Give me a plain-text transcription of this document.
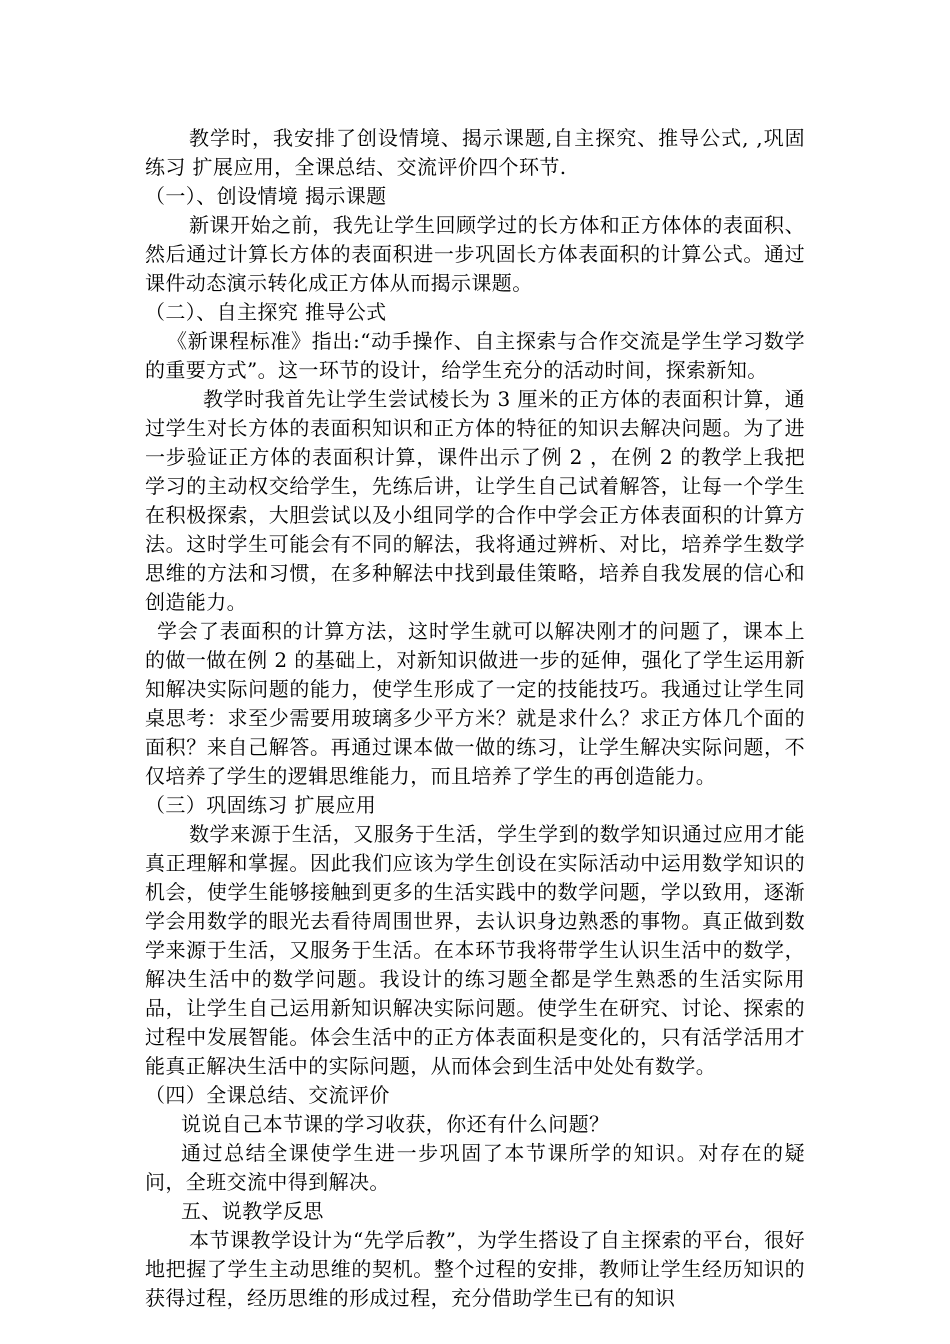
教学时，我安排了创设情境、揭示课题,自主探究、推导公式, ,巩固练习 扩展应用，全课总结、交流评价四个环节.

（一）、创设情境 揭示课题

新课开始之前，我先让学生回顾学过的长方体和正方体体的表面积、然后通过计算长方体的表面积进一步巩固长方体表面积的计算公式。通过课件动态演示转化成正方体从而揭示课题。

（二）、自主探究 推导公式

《新课程标准》指出:“动手操作、自主探索与合作交流是学生学习数学的重要方式”。这一环节的设计，给学生充分的活动时间，探索新知。

教学时我首先让学生尝试棱长为 3 厘米的正方体的表面积计算，通过学生对长方体的表面积知识和正方体的特征的知识去解决问题。为了进一步验证正方体的表面积计算，课件出示了例 2 ，在例 2 的教学上我把学习的主动权交给学生，先练后讲，让学生自己试着解答，让每一个学生在积极探索，大胆尝试以及小组同学的合作中学会正方体表面积的计算方法。这时学生可能会有不同的解法，我将通过辨析、对比，培养学生数学思维的方法和习惯，在多种解法中找到最佳策略，培养自我发展的信心和创造能力。

学会了表面积的计算方法，这时学生就可以解决刚才的问题了，课本上的做一做在例 2 的基础上，对新知识做进一步的延伸，强化了学生运用新知解决实际问题的能力，使学生形成了一定的技能技巧。我通过让学生同桌思考：求至少需要用玻璃多少平方米？就是求什么？求正方体几个面的面积？来自己解答。再通过课本做一做的练习，让学生解决实际问题，不仅培养了学生的逻辑思维能力，而且培养了学生的再创造能力。

（三）巩固练习 扩展应用

数学来源于生活，又服务于生活，学生学到的数学知识通过应用才能真正理解和掌握。因此我们应该为学生创设在实际活动中运用数学知识的机会，使学生能够接触到更多的生活实践中的数学问题，学以致用，逐渐学会用数学的眼光去看待周围世界，去认识身边熟悉的事物。真正做到数学来源于生活，又服务于生活。在本环节我将带学生认识生活中的数学，解决生活中的数学问题。我设计的练习题全都是学生熟悉的生活实际用品，让学生自己运用新知识解决实际问题。使学生在研究、讨论、探索的过程中发展智能。体会生活中的正方体表面积是变化的，只有活学活用才能真正解决生活中的实际问题，从而体会到生活中处处有数学。

（四）全课总结、交流评价

说说自己本节课的学习收获，你还有什么问题？

通过总结全课使学生进一步巩固了本节课所学的知识。对存在的疑问，全班交流中得到解决。

五、说教学反思

本节课教学设计为“先学后教”，为学生搭设了自主探索的平台，很好地把握了学生主动思维的契机。整个过程的安排，教师让学生经历知识的获得过程，经历思维的形成过程，充分借助学生已有的知识
